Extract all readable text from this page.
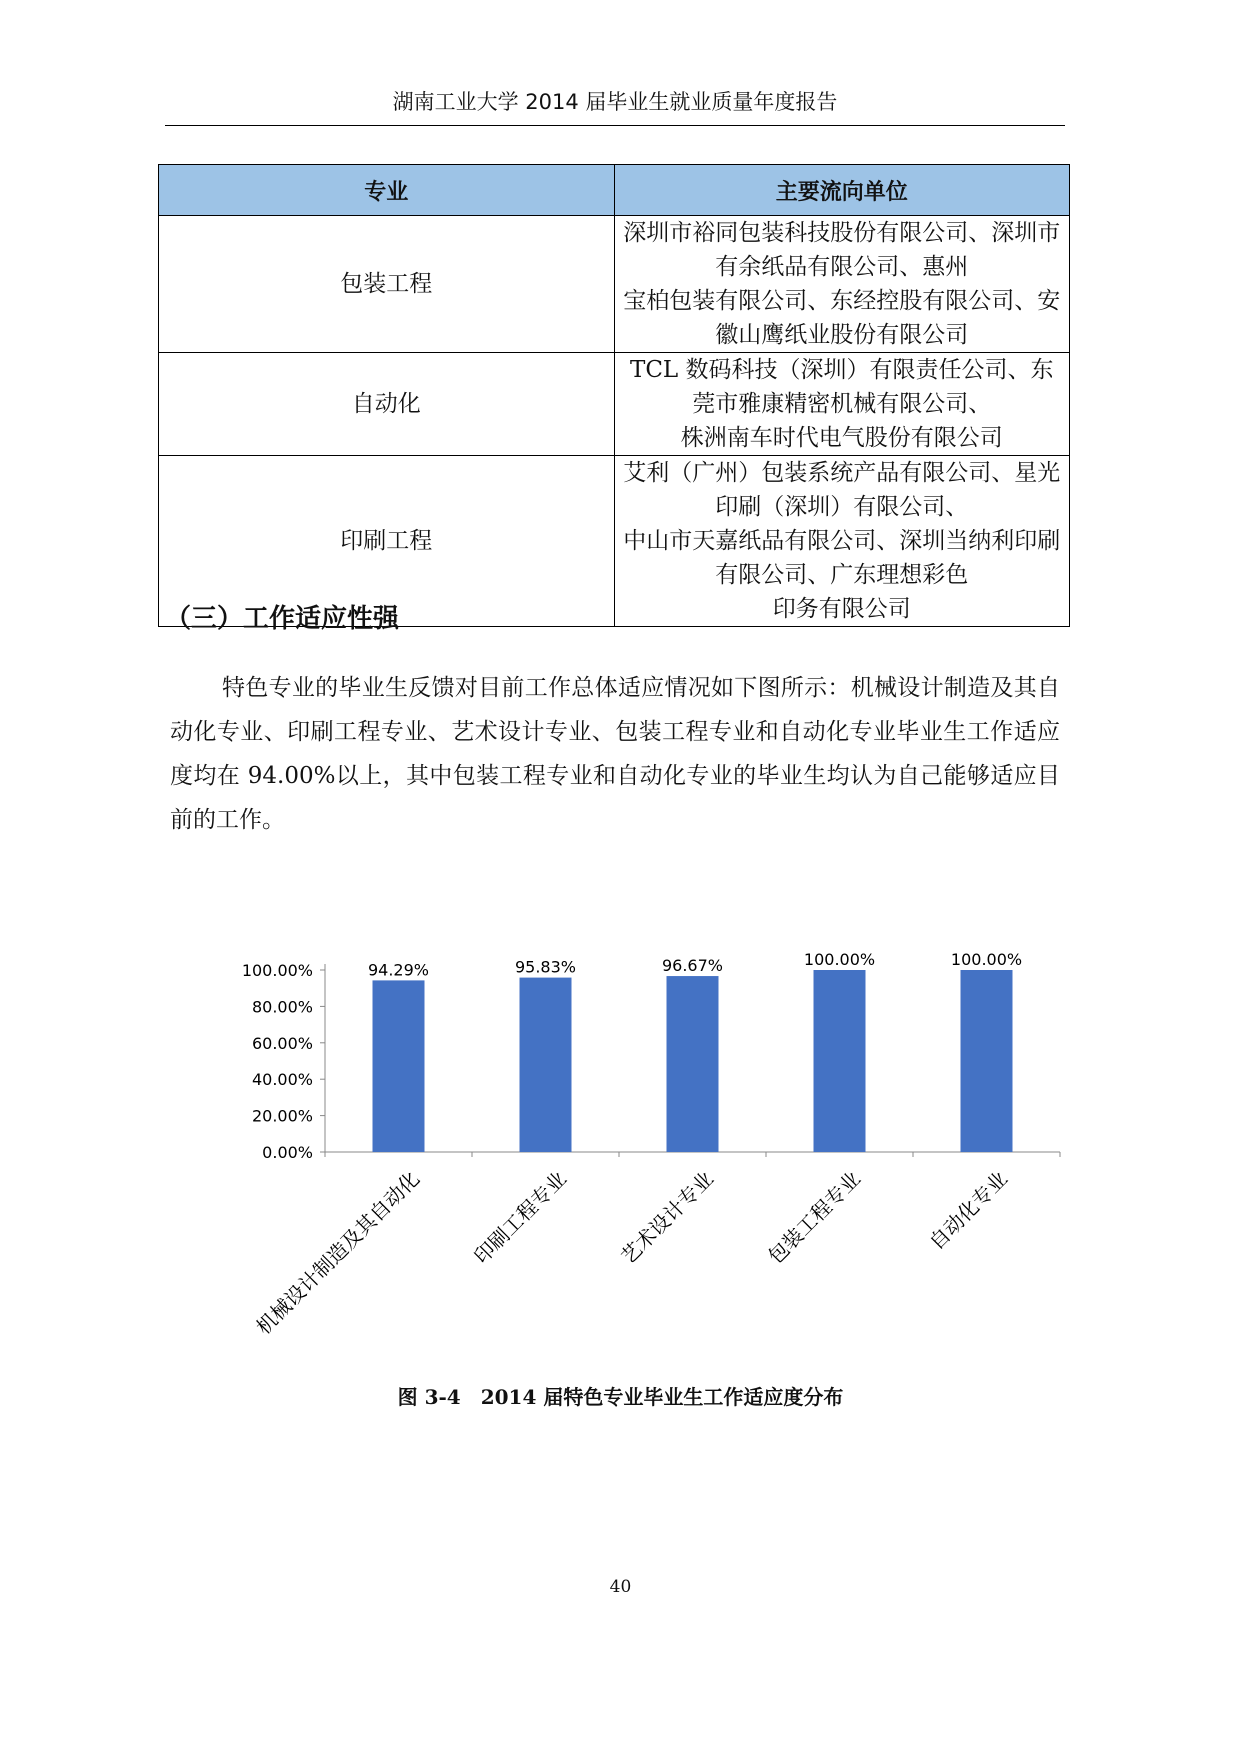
湖南工业大学 2014 届毕业生就业质量年度报告
专业	主要流向单位
包装工程	深圳市裕同包装科技股份有限公司、深圳市有余纸品有限公司、惠州
宝柏包装有限公司、东经控股有限公司、安徽山鹰纸业股份有限公司

自动化	TCL 数码科技（深圳）有限责任公司、东莞市雅康精密机械有限公司、
株洲南车时代电气股份有限公司

印刷工程	艾利（广州）包装系统产品有限公司、星光印刷（深圳）有限公司、
中山市天嘉纸品有限公司、深圳当纳利印刷有限公司、广东理想彩色
印务有限公司
（三）工作适应性强

特色专业的毕业生反馈对目前工作总体适应情况如下图所示：机械设计制造及其自动化专业、印刷工程专业、艺术设计专业、包装工程专业和自动化专业毕业生工作适应度均在 94.00%以上，其中包装工程专业和自动化专业的毕业生均认为自己能够适应目前的工作。

0.00%
20.00%
40.00%
60.00%
80.00%
100.00%	94.29%
机械设计制造及其自动化
95.83%
印刷工程专业
96.67%
艺术设计专业
100.00%
包装工程专业
100.00%
自动化专业
图 3-4　2014 届特色专业毕业生工作适应度分布
40
